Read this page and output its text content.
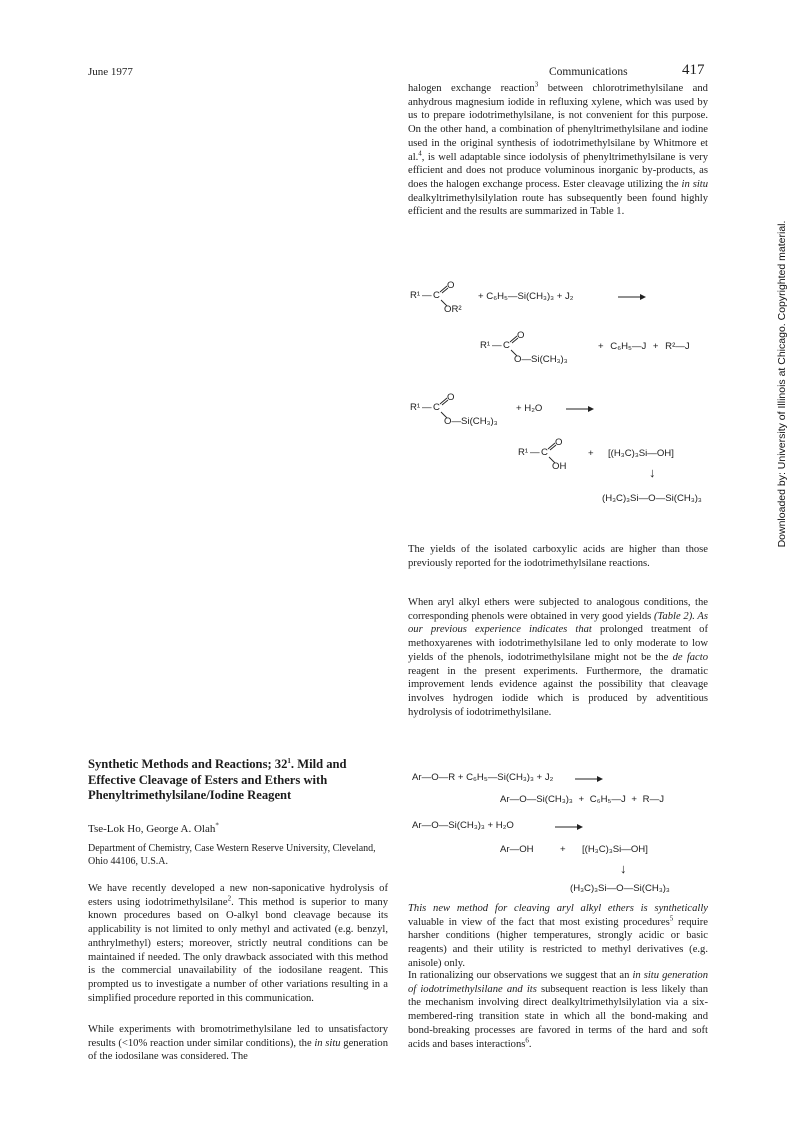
June 1977	Communications	417

halogen exchange reaction$^3$ between chlorotrimethylsilane and anhydrous magnesium iodide in refluxing xylene, which was used by us to prepare iodotrimethylsilane, is not convenient for this purpose. On the other hand, a combination of phenyltrimethylsilane and iodine used in the original synthesis of iodotrimethylsilane by Whitmore et al.$^4$, is well adaptable since iodolysis of phenyltrimethylsilane is very efficient and does not produce voluminous inorganic by-products, as does the halogen exchange process. Ester cleavage utilizing the in situ dealkyltrimethylsilylation route has subsequently been found highly efficient and the results are summarized in Table 1.

R¹ — C
O
OR²
+ C₆H₅—Si(CH₃)₃ + J₂
R¹ — C
O
O—Si(CH₃)₃
+ C₆H₅—J + R²—J
R¹ — C
O
O—Si(CH₃)₃
+ H₂O →
R¹ — C
O
OH
+ [(H₃C)₃Si—OH]
↓
(H₃C)₃Si—O—Si(CH₃)₃

The yields of the isolated carboxylic acids are higher than those previously reported for the iodotrimethylsilane reactions.

When aryl alkyl ethers were subjected to analogous conditions, the corresponding phenols were obtained in very good yields (Table 2). As our previous experience indicates that prolonged treatment of methoxyarenes with iodotrimethylsilane led to only moderate to low yields of the phenols, iodotrimethylsilane might not be the de facto reagent in the present experiments. Furthermore, the dramatic improvement lends evidence against the possibility that cleavage involves hydrogen iodide which is produced by adventitious hydrolysis of iodotrimethylsilane.

Ar—O—R + C₆H₅—Si(CH₃)₃ + J₂ →
Ar—O—Si(CH₃)₃ + C₆H₅—J + R—J
Ar—O—Si(CH₃)₃ + H₂O
Ar—OH	+ [(H₃C)₃Si—OH]
↓
(H₃C)₃Si—O—Si(CH₃)₃

This new method for cleaving aryl alkyl ethers is synthetically valuable in view of the fact that most existing procedures$^5$ require harsher conditions (higher temperatures, strongly acidic or basic reagents) and their utility is restricted to methyl derivatives (e.g. anisole) only.

In rationalizing our observations we suggest that an in situ generation of iodotrimethylsilane and its subsequent reaction is less likely than the mechanism involving direct dealkyltrimethylsilylation via a six-membered-ring transition state in which all the bond-making and bond-breaking processes are favored in terms of the hard and soft acids and bases interactions$^6$.

Synthetic Methods and Reactions; $32^1$. Mild and Effective Cleavage of Esters and Ethers with Phenyltrimethylsilane/Iodine Reagent
Tse-Lok Ho, George A. Olah*
Department of Chemistry, Case Western Reserve University, Cleveland, Ohio 44106, U.S.A.

We have recently developed a new non-saponicative hydrolysis of esters using iodotrimethylsilane$^2$. This method is superior to many known procedures based on O-alkyl bond cleavage because its applicability is not limited to only methyl and activated (e.g. benzyl, anthrylmethyl) esters; moreover, strictly neutral conditions can be maintained if needed. The only drawback associated with this method is the commercial unavailability of the iodosilane reagent. This prompted us to investigate a number of other variations resulting in a simplified procedure reported in this communication.

While experiments with bromotrimethylsilane led to unsatisfactory results (<10% reaction under similar conditions), the in situ generation of the iodosilane was considered. The

Downloaded by: University of Illinois at Chicago. Copyrighted material.
